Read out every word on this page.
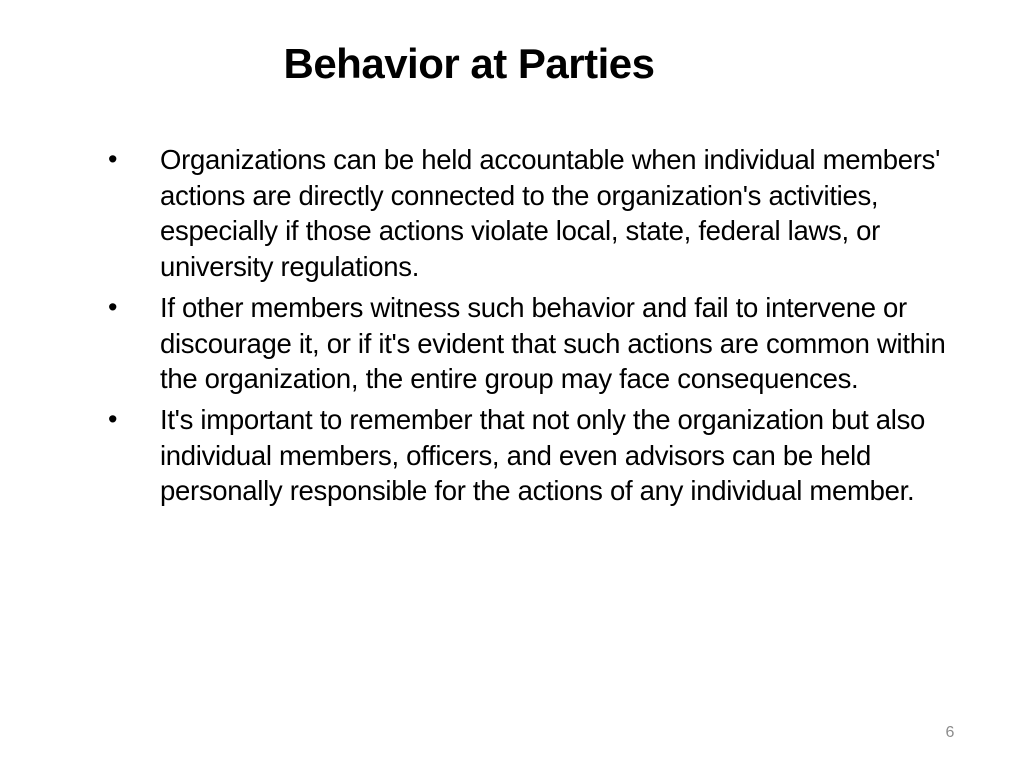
Behavior at Parties
• Organizations can be held accountable when individual members' actions are directly connected to the organization's activities, especially if those actions violate local, state, federal laws, or university regulations.
• If other members witness such behavior and fail to intervene or discourage it, or if it's evident that such actions are common within the organization, the entire group may face consequences.
• It's important to remember that not only the organization but also individual members, officers, and even advisors can be held personally responsible for the actions of any individual member.
6
